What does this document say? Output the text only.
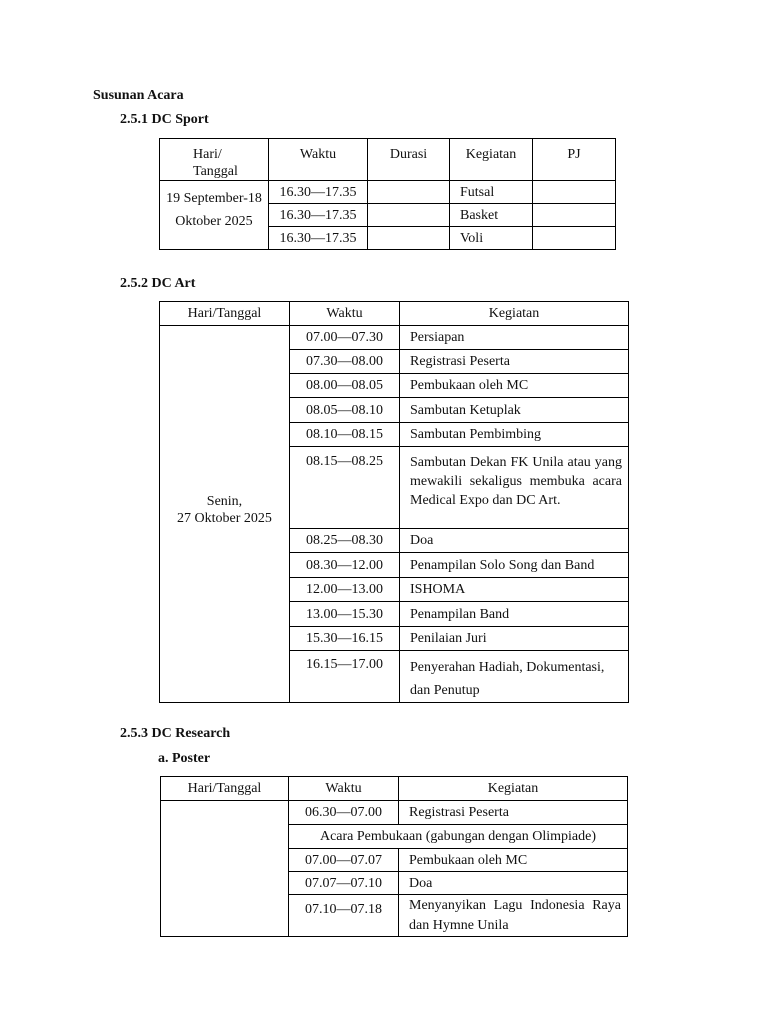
Susunan Acara
2.5.1 DC Sport
Hari/ Tanggal	Waktu	Durasi	Kegiatan	PJ

19 September-18
Oktober 2025	16.30—17.35		Futsal	
	16.30—17.35		Basket	
	16.30—17.35		Voli	
2.5.2 DC Art
Hari/Tanggal	Waktu	Kegiatan

Senin,
27 Oktober 2025	07.00—07.30	Persiapan
	07.30—08.00	Registrasi Peserta
	08.00—08.05	Pembukaan oleh MC
	08.05—08.10	Sambutan Ketuplak
	08.10—08.15	Sambutan Pembimbing
	08.15—08.25	Sambutan Dekan FK Unila atau yang mewakili sekaligus membuka acara Medical Expo dan DC Art.
	08.25—08.30	Doa
	08.30—12.00	Penampilan Solo Song dan Band
	12.00—13.00	ISHOMA
	13.00—15.30	Penampilan Band
	15.30—16.15	Penilaian Juri
	16.15—17.00	Penyerahan Hadiah, Dokumentasi, dan Penutup
2.5.3 DC Research
a. Poster
Hari/Tanggal	Waktu	Kegiatan
	06.30—07.00	Registrasi Peserta
	Acara Pembukaan (gabungan dengan Olimpiade)	
	07.00—07.07	Pembukaan oleh MC
	07.07—07.10	Doa
	07.10—07.18	Menyanyikan Lagu Indonesia Raya dan Hymne Unila
